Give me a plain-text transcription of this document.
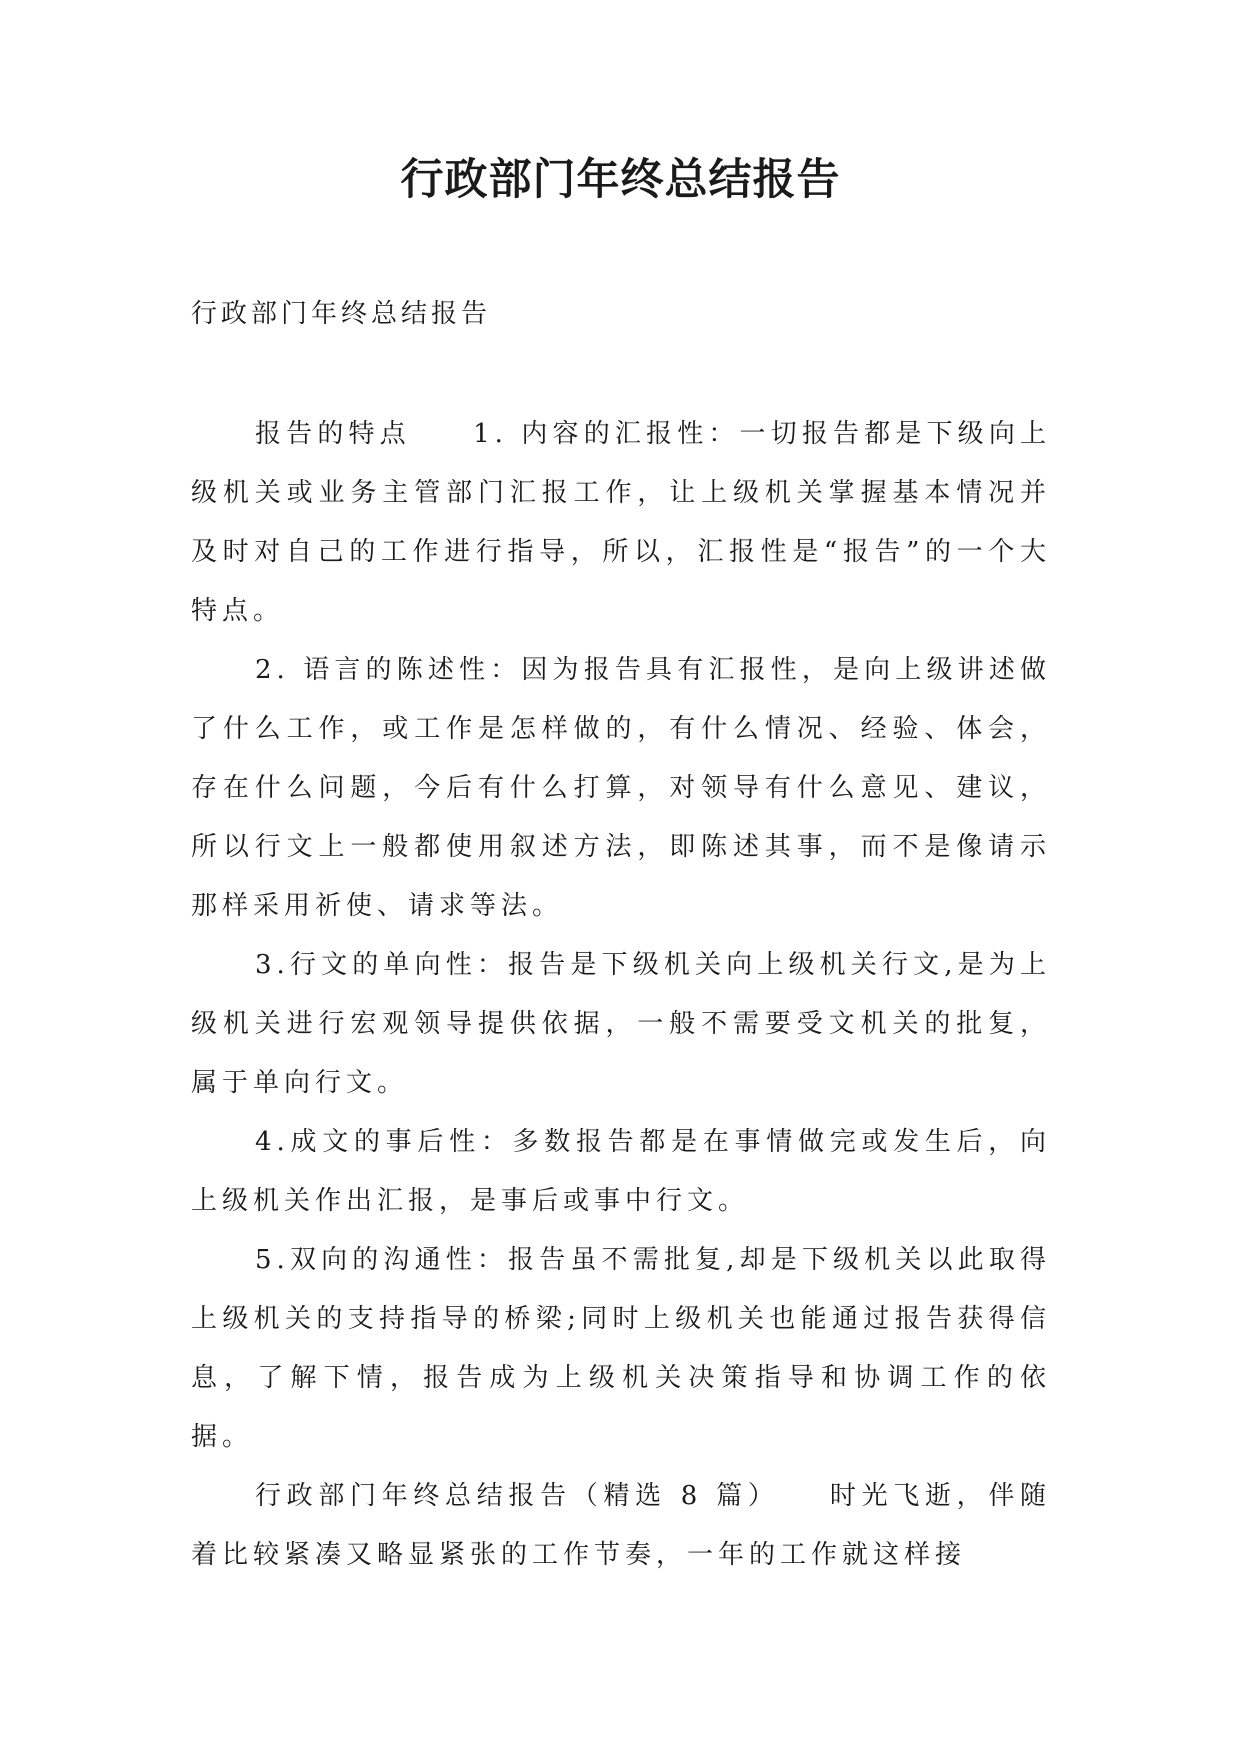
行政部门年终总结报告

行政部门年终总结报告

报告的特点　　1. 内容的汇报性：一切报告都是下级向上级机关或业务主管部门汇报工作，让上级机关掌握基本情况并及时对自己的工作进行指导，所以，汇报性是“报告”的一个大特点。

2. 语言的陈述性：因为报告具有汇报性，是向上级讲述做了什么工作，或工作是怎样做的，有什么情况、经验、体会，存在什么问题，今后有什么打算，对领导有什么意见、建议，所以行文上一般都使用叙述方法，即陈述其事，而不是像请示那样采用祈使、请求等法。

3.行文的单向性：报告是下级机关向上级机关行文,是为上级机关进行宏观领导提供依据，一般不需要受文机关的批复，属于单向行文。

4.成文的事后性：多数报告都是在事情做完或发生后，向上级机关作出汇报，是事后或事中行文。

5.双向的沟通性：报告虽不需批复,却是下级机关以此取得上级机关的支持指导的桥梁;同时上级机关也能通过报告获得信息，了解下情，报告成为上级机关决策指导和协调工作的依据。

行政部门年终总结报告（精选 8 篇）　　时光飞逝，伴随着比较紧凑又略显紧张的工作节奏，一年的工作就这样接
